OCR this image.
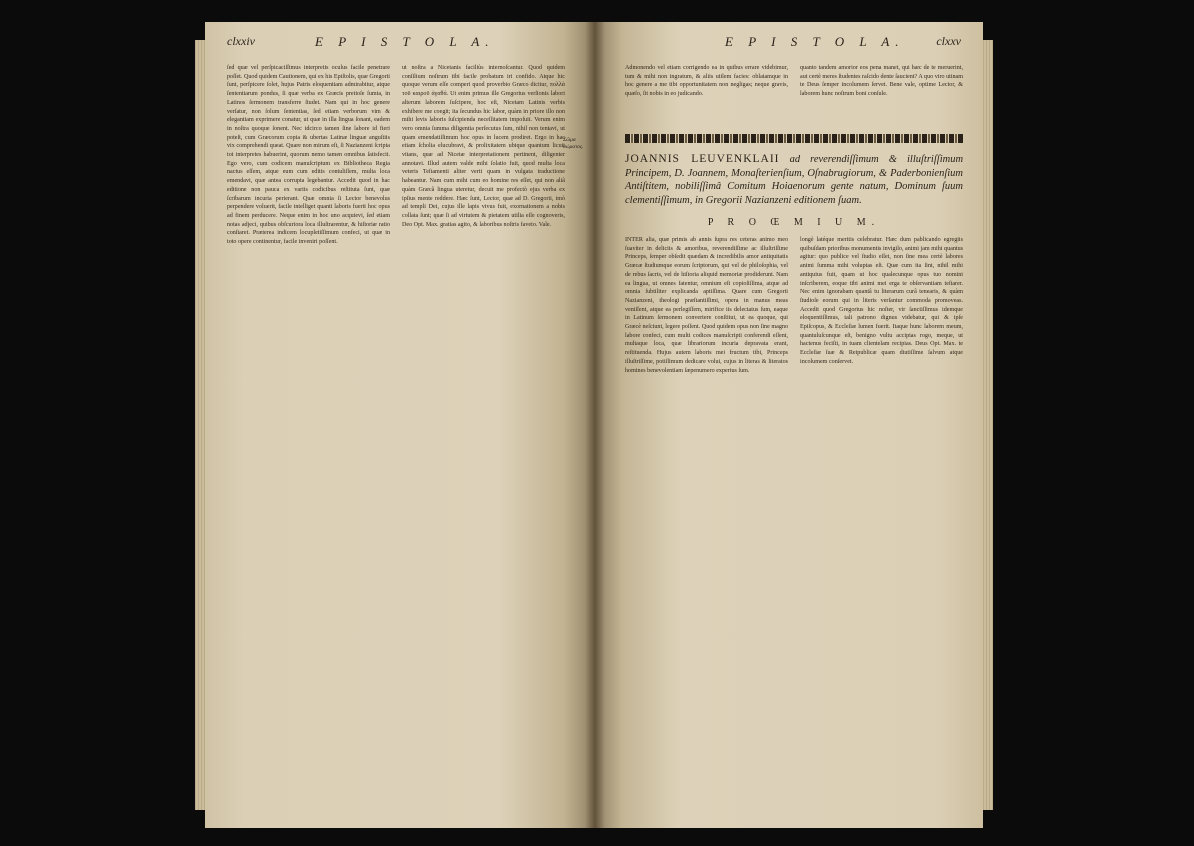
clxxiv	E P I S T O L A.
ſed quæ vel perſpicaciſſimus interpretis oculus facile penetrare poſſet. Quod quidem Cautionem, qui ex his Epiſtolis, quæ Gregorii ſunt, perſpicere ſolet, hujus Patris eloquentiam admirabitur, atque ſententiarum pondus, ſi quæ verba ex Græcis pretioſe ſumta, in Latinos ſermonem transferre ſtudet. Nam qui in hoc genere verſatur, non ſolum ſententias, ſed etiam verborum vim & elegantiam exprimere conatur, ut quæ in illa lingua ſonant, eadem in noſtra quoque ſonent. Nec idcirco tamen ſine labore id fieri poteſt, cum Græcorum copia & ubertas Latinæ linguæ anguſtiis vix comprehendi queat. Quare non mirum eſt, ſi Nazianzeni ſcripta tot interpretes habuerint, quorum nemo tamen omnibus ſatisfecit. Ego vero, cum codicem manuſcriptum ex Bibliotheca Regia nactus eſſem, atque eum cum editis contuliſſem, multa loca emendavi, quæ antea corrupta legebantur. Accedit quod in hac editione non pauca ex variis codicibus reſtituta ſunt, quæ ſcribarum incuria perierant. Quæ omnia ſi Lector benevolus perpendere voluerit, facile intelliget quanti laboris fuerit hoc opus ad finem perducere. Neque enim in hoc uno acquievi, ſed etiam notas adjeci, quibus obſcuriora loca illuſtrarentur, & hiſtoriæ ratio conſtaret. Præterea indicem locupletiſſimum confeci, ut quæ in toto opere continentur, facile inveniri poſſent.
ut noſtra a Nicetanis faciliùs internoſcantur. Quod quidem conſilium noſtrum tibi facile probatum iri confido. Atque hic quoque verum eſſe comperi quod proverbio Græco dicitur, πολλὰ τοῦ καιροῦ ἀγαθά. Ut enim primus ille Gregorius verſionis labori alterum laborem ſuſcipere, hoc eſt, Nicetam Latinis verbis exhibere me coegit; ita ſecundus hic labor, quàm in priore illo non mihi levis laboris ſuſcipienda neceſſitatem impoſuit. Verum enim vero omnia ſumma diligentia perſecutus ſum, nihil non tentavi, ut quam emendatiſſimum hoc opus in lucem prodiret. Ergo in hac etiam ſcholia elucubravi, & prolixitatem ubique quantum licuit vitans, quæ ad Nicetæ interpretationem pertinent, diligenter annotavi. Illud autem valde mihi ſolatio fuit, quod multa loca veteris Teſtamenti aliter verti quam in vulgata traductione habeantur. Nam cum mihi cum eo homine res eſſet, qui non aliâ quàm Græcâ lingua uteretur, decuit me profectò ejus verba ex ipſius mente reddere. Hæc ſunt, Lector, quæ ad D. Gregorii, imò ad templi Dei, cujus ille lapis vivus fuit, exornationem a nobis collata ſunt; quæ ſi ad virtutem & pietatem utilia eſſe cognoveris, Deo Opt. Max. gratias agito, & laboribus noſtris faveto. Vale.
Σῶμα σώματος.
E P I S T O L A.	clxxv
Admonendo vel etiam corrigendo ea in quibus errare videbimur, tum & mihi non ingratum, & aliis utilem facies: oblatamque in hoc genere a me tibi opportunitatem non negligas; neque gravis, quæſo, ſit nobis in eo judicando.
quanto tandem amorior eos pena manet, qui hæc de te meruerint, aut certè meres ſtudentes raſcido dente ſaucient? A quo viro utinam te Deus ſemper incolumem ſervet. Bene vale, optime Lector, & laborem hunc noſtrum boni conſule.

JOANNIS LEUVENKLAII ad reverendiſſimum & illuſtriſſimum Principem, D. Joannem, Monaſterienſium, Oſnabrugiorum, & Paderbonienſium Antiſtitem, nobiliſſimâ Comitum Hoiaenorum gente natum, Dominum ſuum clementiſſimum, in Gregorii Nazianzeni editionem ſuam.

P R O Œ M I U M.
INTER alia, quæ primis ab annis ſupra res ceteras animo meo ſuaviter in deliciis & amoribus, reverendiſſime ac illuſtriſſime Princeps, ſemper obſedit quædam & incredibilis amor antiquitatis Græcæ ſtudiumque eorum ſcriptorum, qui vel de philoſophia, vel de rebus ſacris, vel de hiſtoria aliquid memoriæ prodiderunt. Nam ea lingua, ut omnes fatentur, omnium eſt copioſiſſima, atque ad omnia ſubtiliter explicanda aptiſſima. Quare cum Gregorii Nazianzeni, theologi præſtantiſſimi, opera in manus meas veniſſent, atque ea perlegiſſem, mirifice iis delectatus ſum, eaque in Latinum ſermonem convertere conſtitui, ut ea quoque, qui Græcè neſciunt, legere poſſent. Quod quidem opus non ſine magno labore confeci, cum multi codices manuſcripti conferendi eſſent, multaque loca, quæ librariorum incuria depravata erant, reſtituenda. Hujus autem laboris mei fructum tibi, Princeps illuſtriſſime, potiſſimum dedicare volui, cujus in literas & literatos homines benevolentiam ſæpenumero expertus ſum.
longè latéque meritis celebratur. Hæc dum pablicando egregiis quibuſdam prioribus monumentis invigilo, animi jam mihi quantus agitur: quo publice vel ſtudio eſſet, non ſine mea certè labores animi ſumma mihi voluptas eſt. Quæ cum ita ſint, nihil mihi antiquius fuit, quam ut hoc qualecunque opus tuo nomini inſcriberem, eoque tibi animi mei erga te obſervantiam teſtarer. Nec enim ignorabam quantâ tu literarum curâ tenearis, & quàm ſtudioſe eorum qui in literis verſantur commoda promoveas. Accedit quod Gregorius hic noſter, vir ſanctiſſimus idemque eloquentiſſimus, tali patrono dignus videbatur, qui & ipſe Epiſcopus, & Eccleſiæ lumen fuerit. Itaque hunc laborem meum, quantuluſcunque eſt, benigno vultu accipias rogo, meque, ut hactenus feciſti, in tuam clientelam recipias. Deus Opt. Max. te Eccleſiæ ſuæ & Reipublicæ quam diutiſſime ſalvum atque incolumem conſervet.
